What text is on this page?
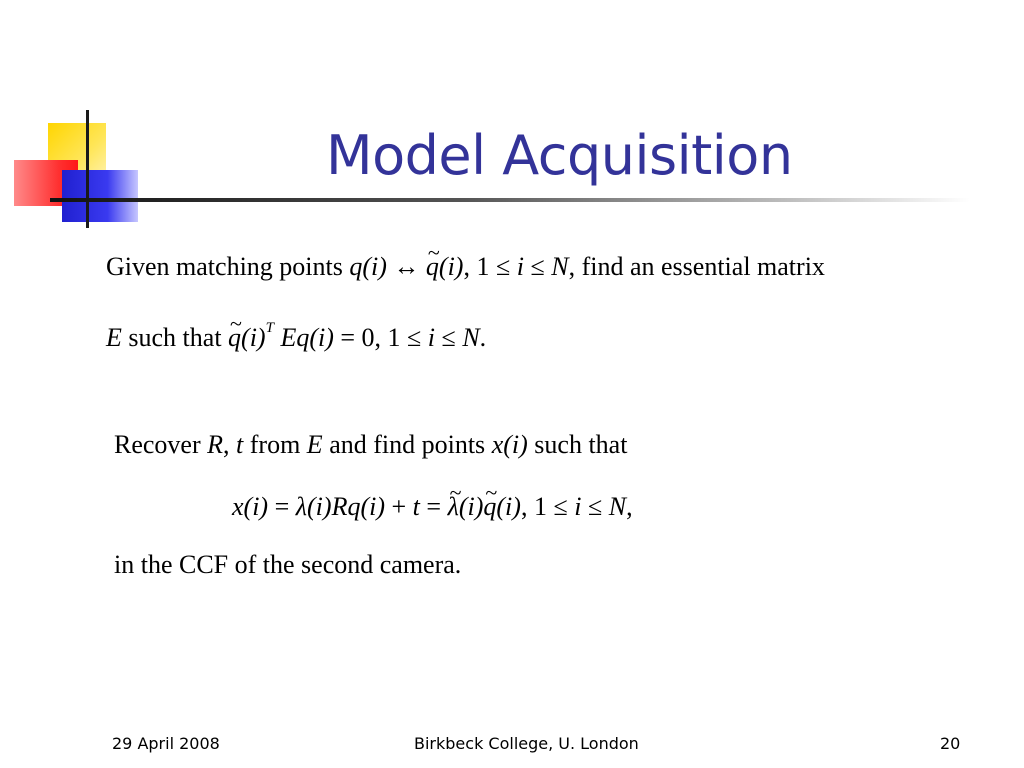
Model Acquisition
Given matching points q(i) ↔ ~ q(i), 1 ≤ i ≤ N, find an essential matrix
E such that ~ $q(i)^T$ Eq(i) = 0, 1 ≤ i ≤ N.
Recover R, t from E and find points x(i) such that
x(i) = λ(i)Rq(i) + t = ~ λ(i)~ q(i), 1 ≤ i ≤ N,
in the CCF of the second camera.
29 April 2008	Birkbeck College, U. London	20
